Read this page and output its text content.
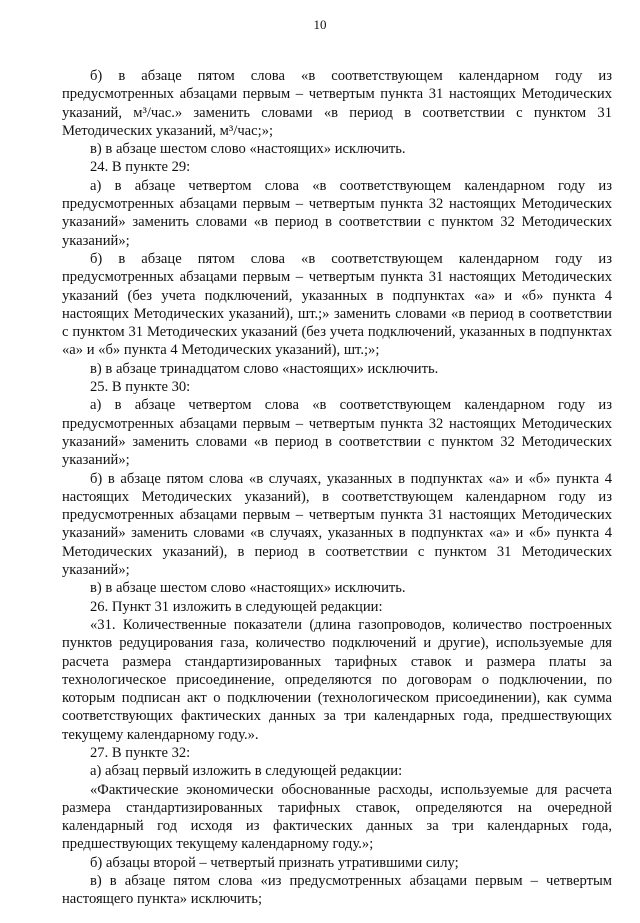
10

б) в абзаце пятом слова «в соответствующем календарном году из предусмотренных абзацами первым – четвертым пункта 31 настоящих Методических указаний, м³/час.» заменить словами «в период в соответствии с пунктом 31 Методических указаний, м³/час;»;

в) в абзаце шестом слово «настоящих» исключить.

24. В пункте 29:

а) в абзаце четвертом слова «в соответствующем календарном году из предусмотренных абзацами первым – четвертым пункта 32 настоящих Методических указаний» заменить словами «в период в соответствии с пунктом 32 Методических указаний»;

б) в абзаце пятом слова «в соответствующем календарном году из предусмотренных абзацами первым – четвертым пункта 31 настоящих Методических указаний (без учета подключений, указанных в подпунктах «а» и «б» пункта 4 настоящих Методических указаний), шт.;» заменить словами «в период в соответствии с пунктом 31 Методических указаний (без учета подключений, указанных в подпунктах «а» и «б» пункта 4 Методических указаний), шт.;»;

в) в абзаце тринадцатом слово «настоящих» исключить.

25. В пункте 30:

а) в абзаце четвертом слова «в соответствующем календарном году из предусмотренных абзацами первым – четвертым пункта 32 настоящих Методических указаний» заменить словами «в период в соответствии с пунктом 32 Методических указаний»;

б) в абзаце пятом слова «в случаях, указанных в подпунктах «а» и «б» пункта 4 настоящих Методических указаний), в соответствующем календарном году из предусмотренных абзацами первым – четвертым пункта 31 настоящих Методических указаний» заменить словами «в случаях, указанных в подпунктах «а» и «б» пункта 4 Методических указаний), в период в соответствии с пунктом 31 Методических указаний»;

в) в абзаце шестом слово «настоящих» исключить.

26. Пункт 31 изложить в следующей редакции:

«31. Количественные показатели (длина газопроводов, количество построенных пунктов редуцирования газа, количество подключений и другие), используемые для расчета размера стандартизированных тарифных ставок и размера платы за технологическое присоединение, определяются по договорам о подключении, по которым подписан акт о подключении (технологическом присоединении), как сумма соответствующих фактических данных за три календарных года, предшествующих текущему календарному году.».

27. В пункте 32:

а) абзац первый изложить в следующей редакции:

«Фактические экономически обоснованные расходы, используемые для расчета размера стандартизированных тарифных ставок, определяются на очередной календарный год исходя из фактических данных за три календарных года, предшествующих текущему календарному году.»;

б) абзацы второй – четвертый признать утратившими силу;

в) в абзаце пятом слова «из предусмотренных абзацами первым – четвертым настоящего пункта» исключить;
